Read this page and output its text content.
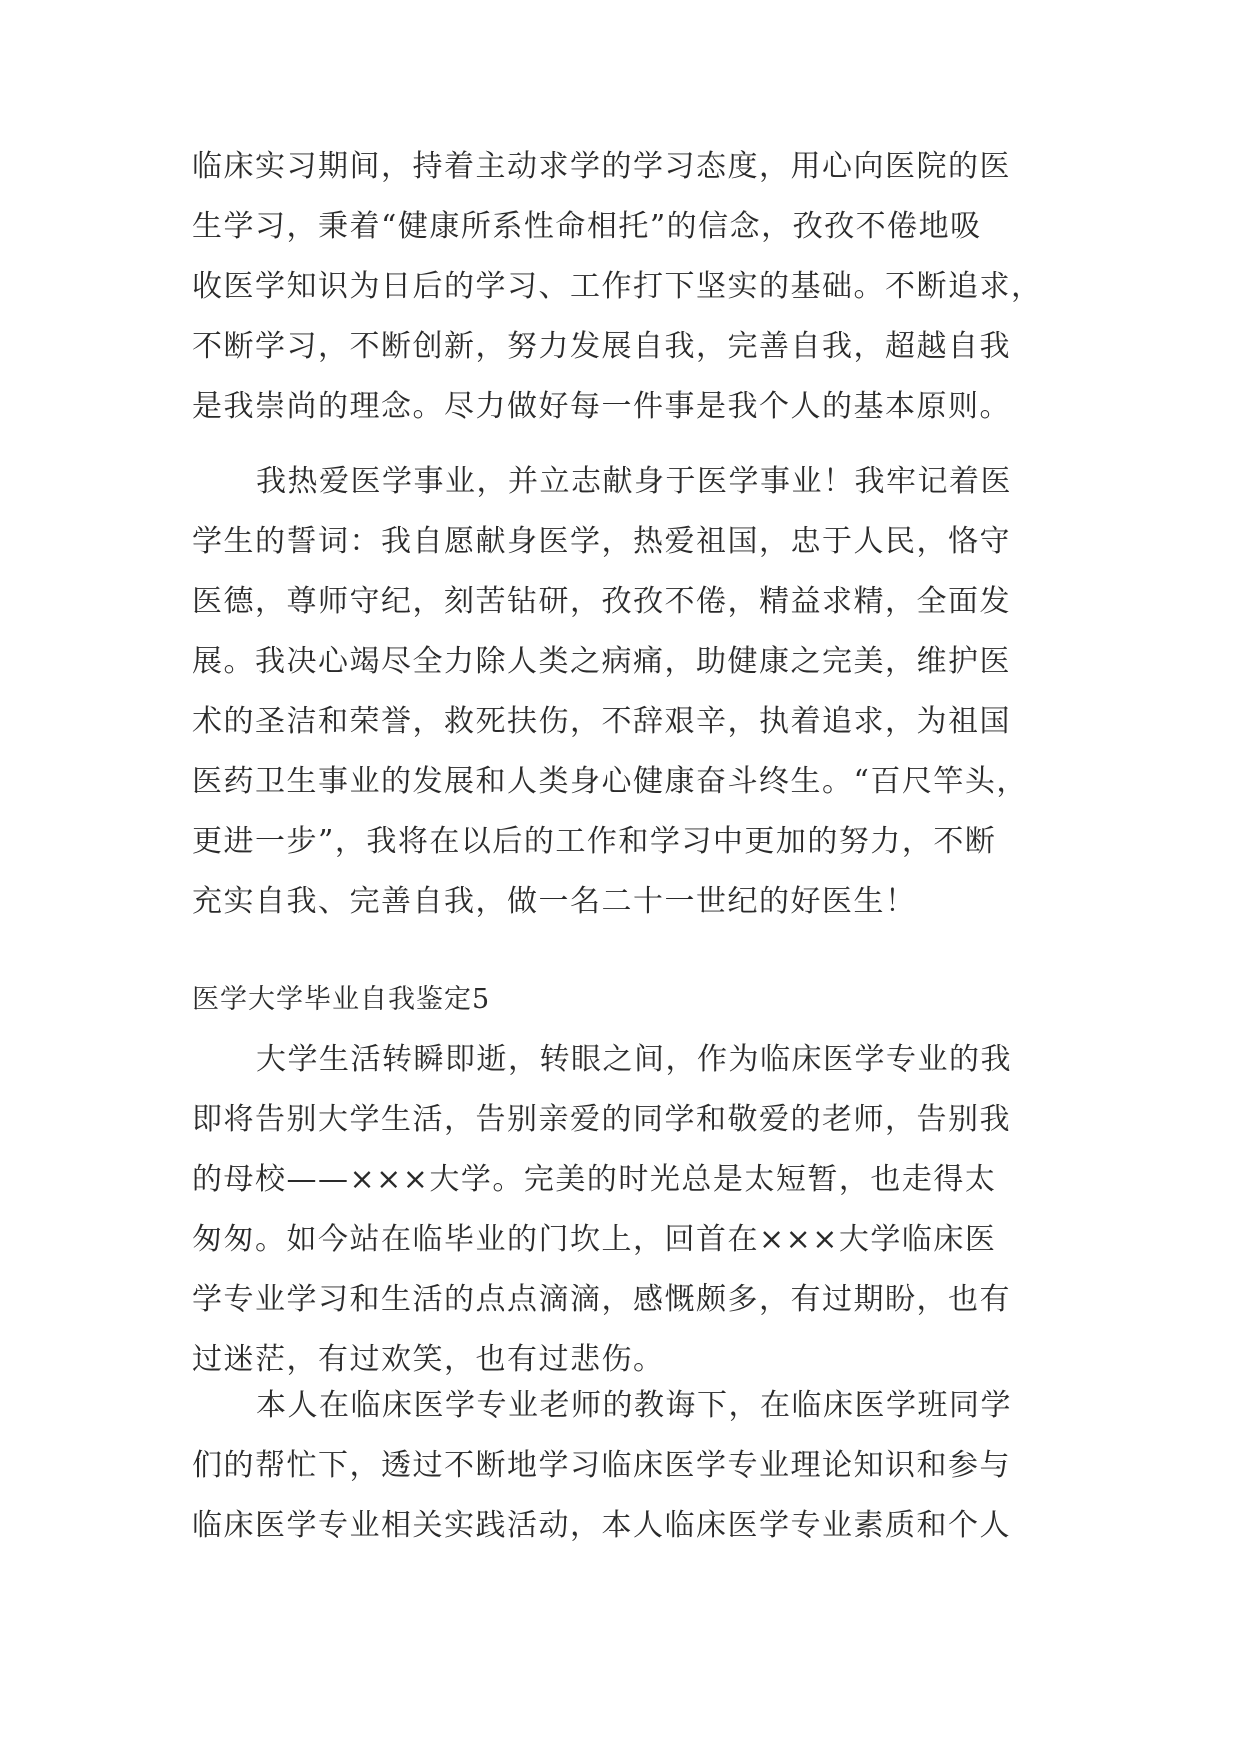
临床实习期间，持着主动求学的学习态度，用心向医院的医
生学习，秉着“健康所系性命相托”的信念，孜孜不倦地吸
收医学知识为日后的学习、工作打下坚实的基础。不断追求，
不断学习，不断创新，努力发展自我，完善自我，超越自我
是我崇尚的理念。尽力做好每一件事是我个人的基本原则。
我热爱医学事业，并立志献身于医学事业！我牢记着医
学生的誓词：我自愿献身医学，热爱祖国，忠于人民，恪守
医德，尊师守纪，刻苦钻研，孜孜不倦，精益求精，全面发
展。我决心竭尽全力除人类之病痛，助健康之完美，维护医
术的圣洁和荣誉，救死扶伤，不辞艰辛，执着追求，为祖国
医药卫生事业的发展和人类身心健康奋斗终生。“百尺竿头，
更进一步”，我将在以后的工作和学习中更加的努力，不断
充实自我、完善自我，做一名二十一世纪的好医生！
医学大学毕业自我鉴定5
大学生活转瞬即逝，转眼之间，作为临床医学专业的我
即将告别大学生活，告别亲爱的同学和敬爱的老师，告别我
的母校——×××大学。完美的时光总是太短暂，也走得太
匆匆。如今站在临毕业的门坎上，回首在×××大学临床医
学专业学习和生活的点点滴滴，感慨颇多，有过期盼，也有
过迷茫，有过欢笑，也有过悲伤。
本人在临床医学专业老师的教诲下，在临床医学班同学
们的帮忙下，透过不断地学习临床医学专业理论知识和参与
临床医学专业相关实践活动，本人临床医学专业素质和个人
